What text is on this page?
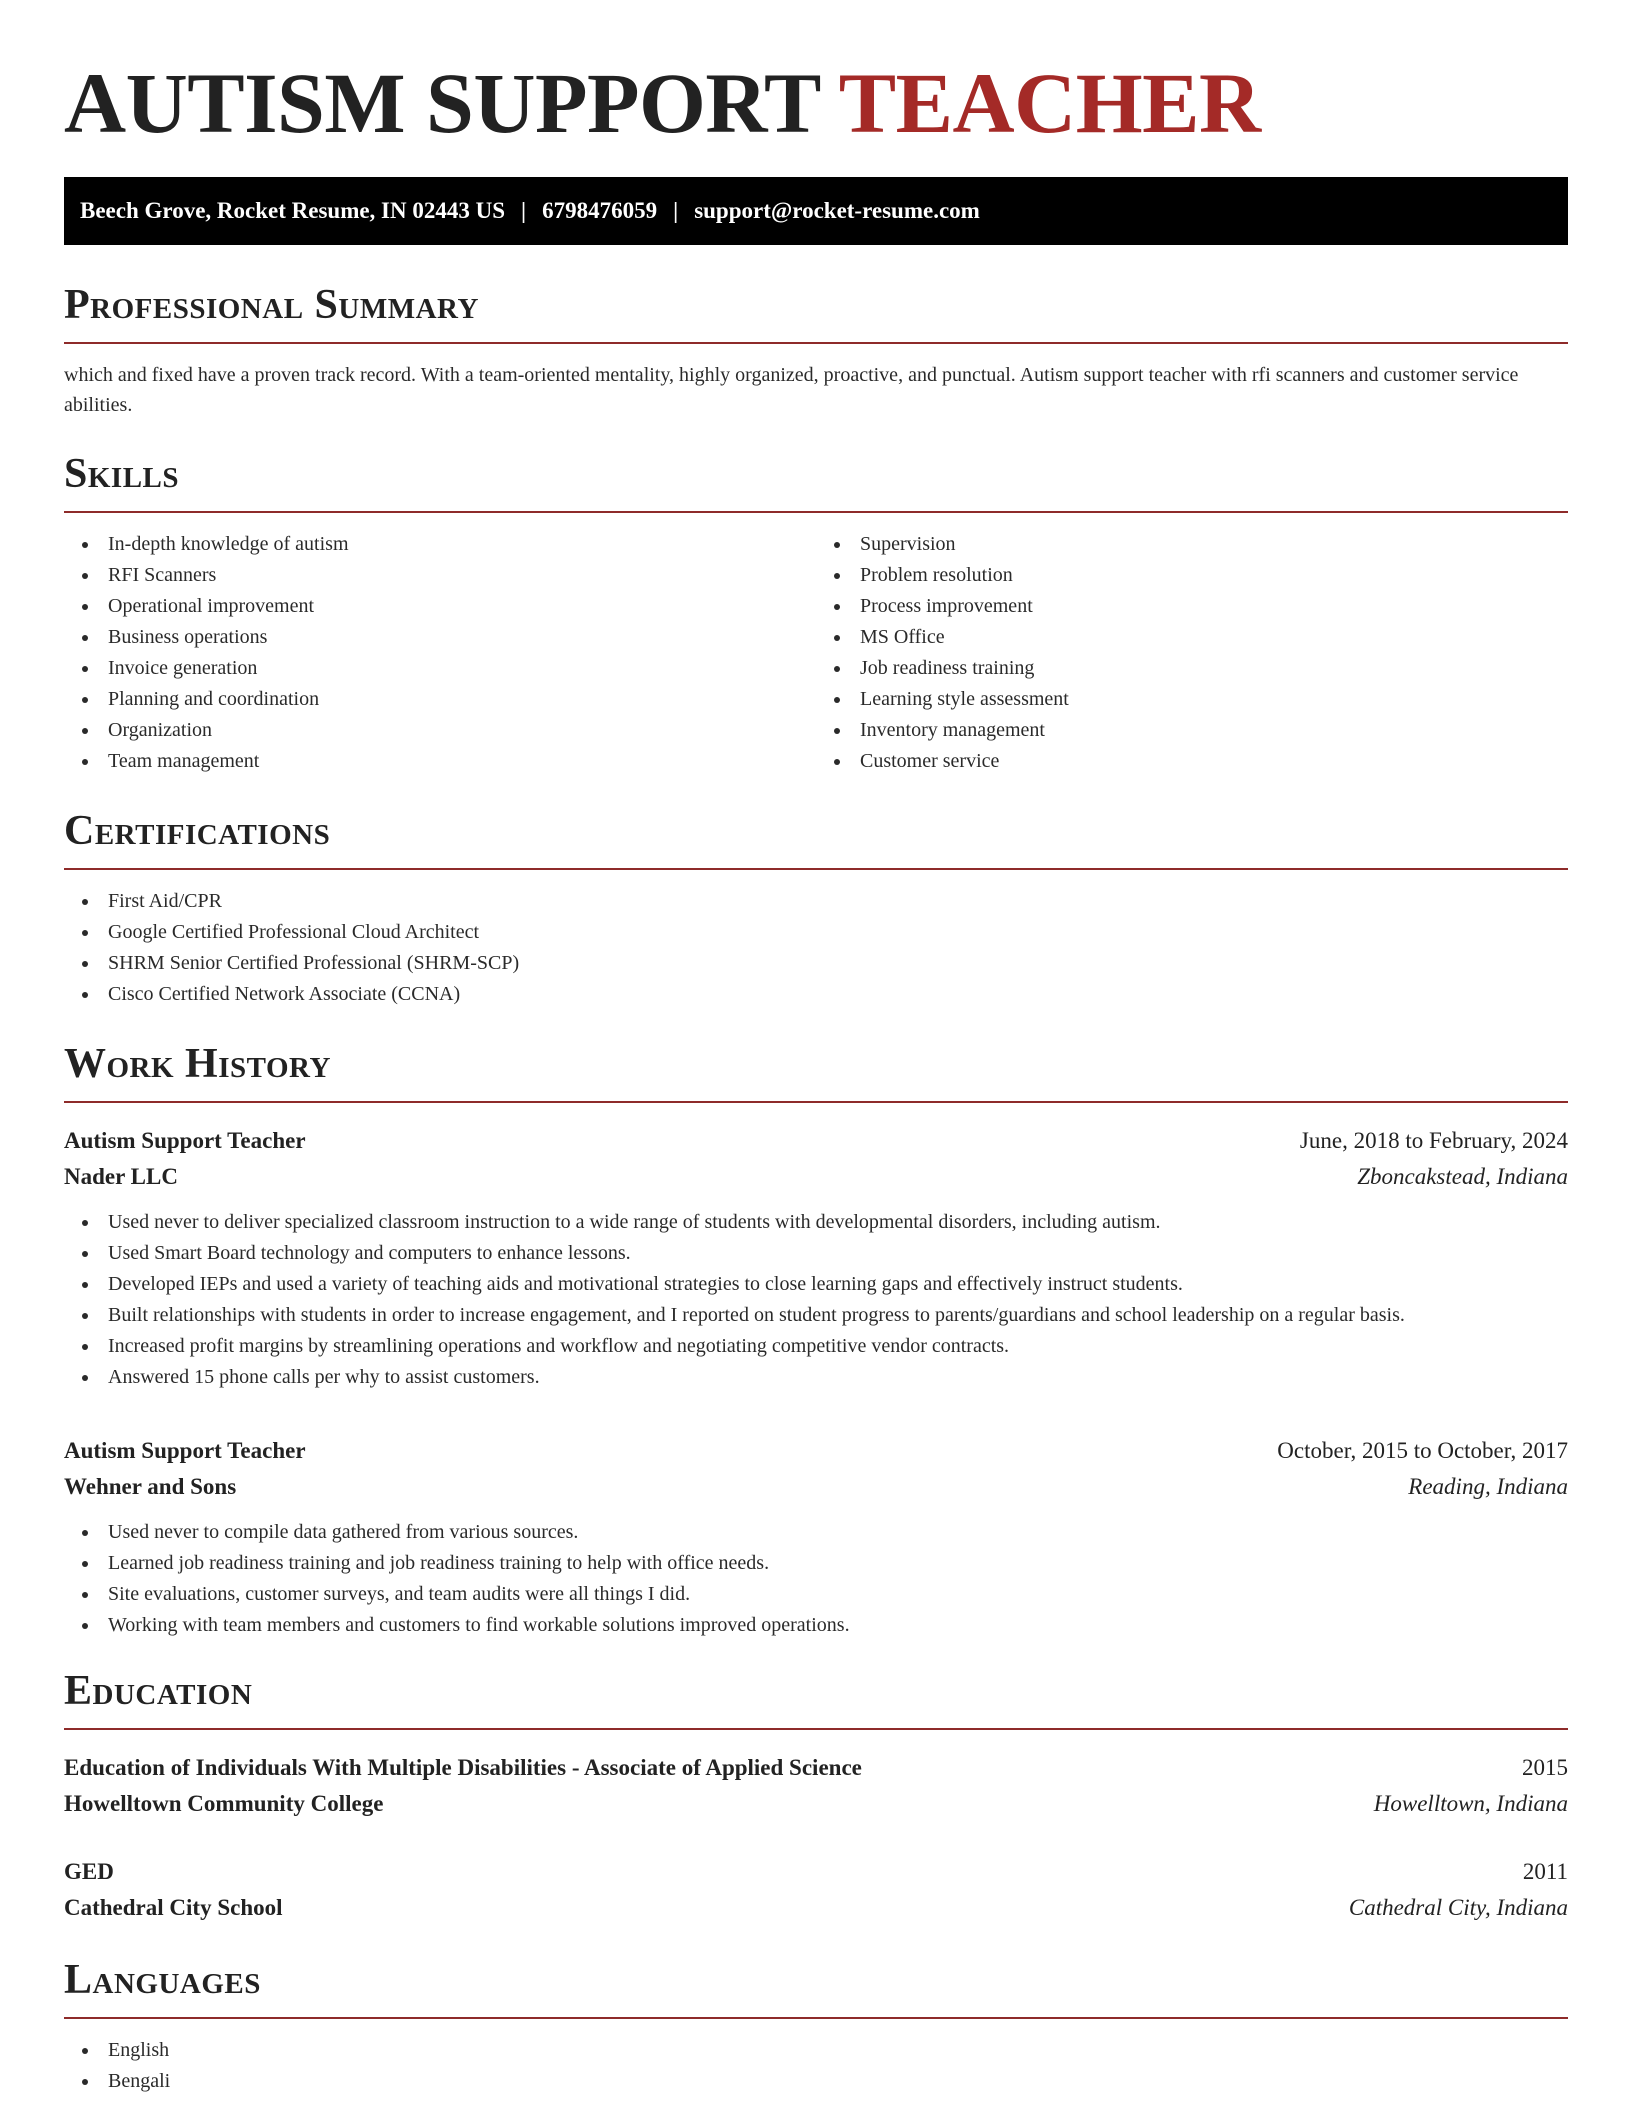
AUTISM SUPPORT TEACHER
Beech Grove, Rocket Resume, IN 02443 US | 6798476059 | support@rocket-resume.com
Professional Summary

which and fixed have a proven track record. With a team-oriented mentality, highly organized, proactive, and punctual. Autism support teacher with rfi scanners and customer service abilities.

Skills
In-depth knowledge of autism
RFI Scanners
Operational improvement
Business operations
Invoice generation
Planning and coordination
Organization
Team management
Supervision
Problem resolution
Process improvement
MS Office
Job readiness training
Learning style assessment
Inventory management
Customer service
Certifications
First Aid/CPR
Google Certified Professional Cloud Architect
SHRM Senior Certified Professional (SHRM-SCP)
Cisco Certified Network Associate (CCNA)
Work History
Autism Support Teacher	June, 2018 to February, 2024
Nader LLC	Zboncakstead, Indiana
Used never to deliver specialized classroom instruction to a wide range of students with developmental disorders, including autism.
Used Smart Board technology and computers to enhance lessons.
Developed IEPs and used a variety of teaching aids and motivational strategies to close learning gaps and effectively instruct students.
Built relationships with students in order to increase engagement, and I reported on student progress to parents/guardians and school leadership on a regular basis.
Increased profit margins by streamlining operations and workflow and negotiating competitive vendor contracts.
Answered 15 phone calls per why to assist customers.
Autism Support Teacher	October, 2015 to October, 2017
Wehner and Sons	Reading, Indiana
Used never to compile data gathered from various sources.
Learned job readiness training and job readiness training to help with office needs.
Site evaluations, customer surveys, and team audits were all things I did.
Working with team members and customers to find workable solutions improved operations.
Education
Education of Individuals With Multiple Disabilities - Associate of Applied Science	2015
Howelltown Community College	Howelltown, Indiana
GED	2011
Cathedral City School	Cathedral City, Indiana
Languages
English
Bengali
